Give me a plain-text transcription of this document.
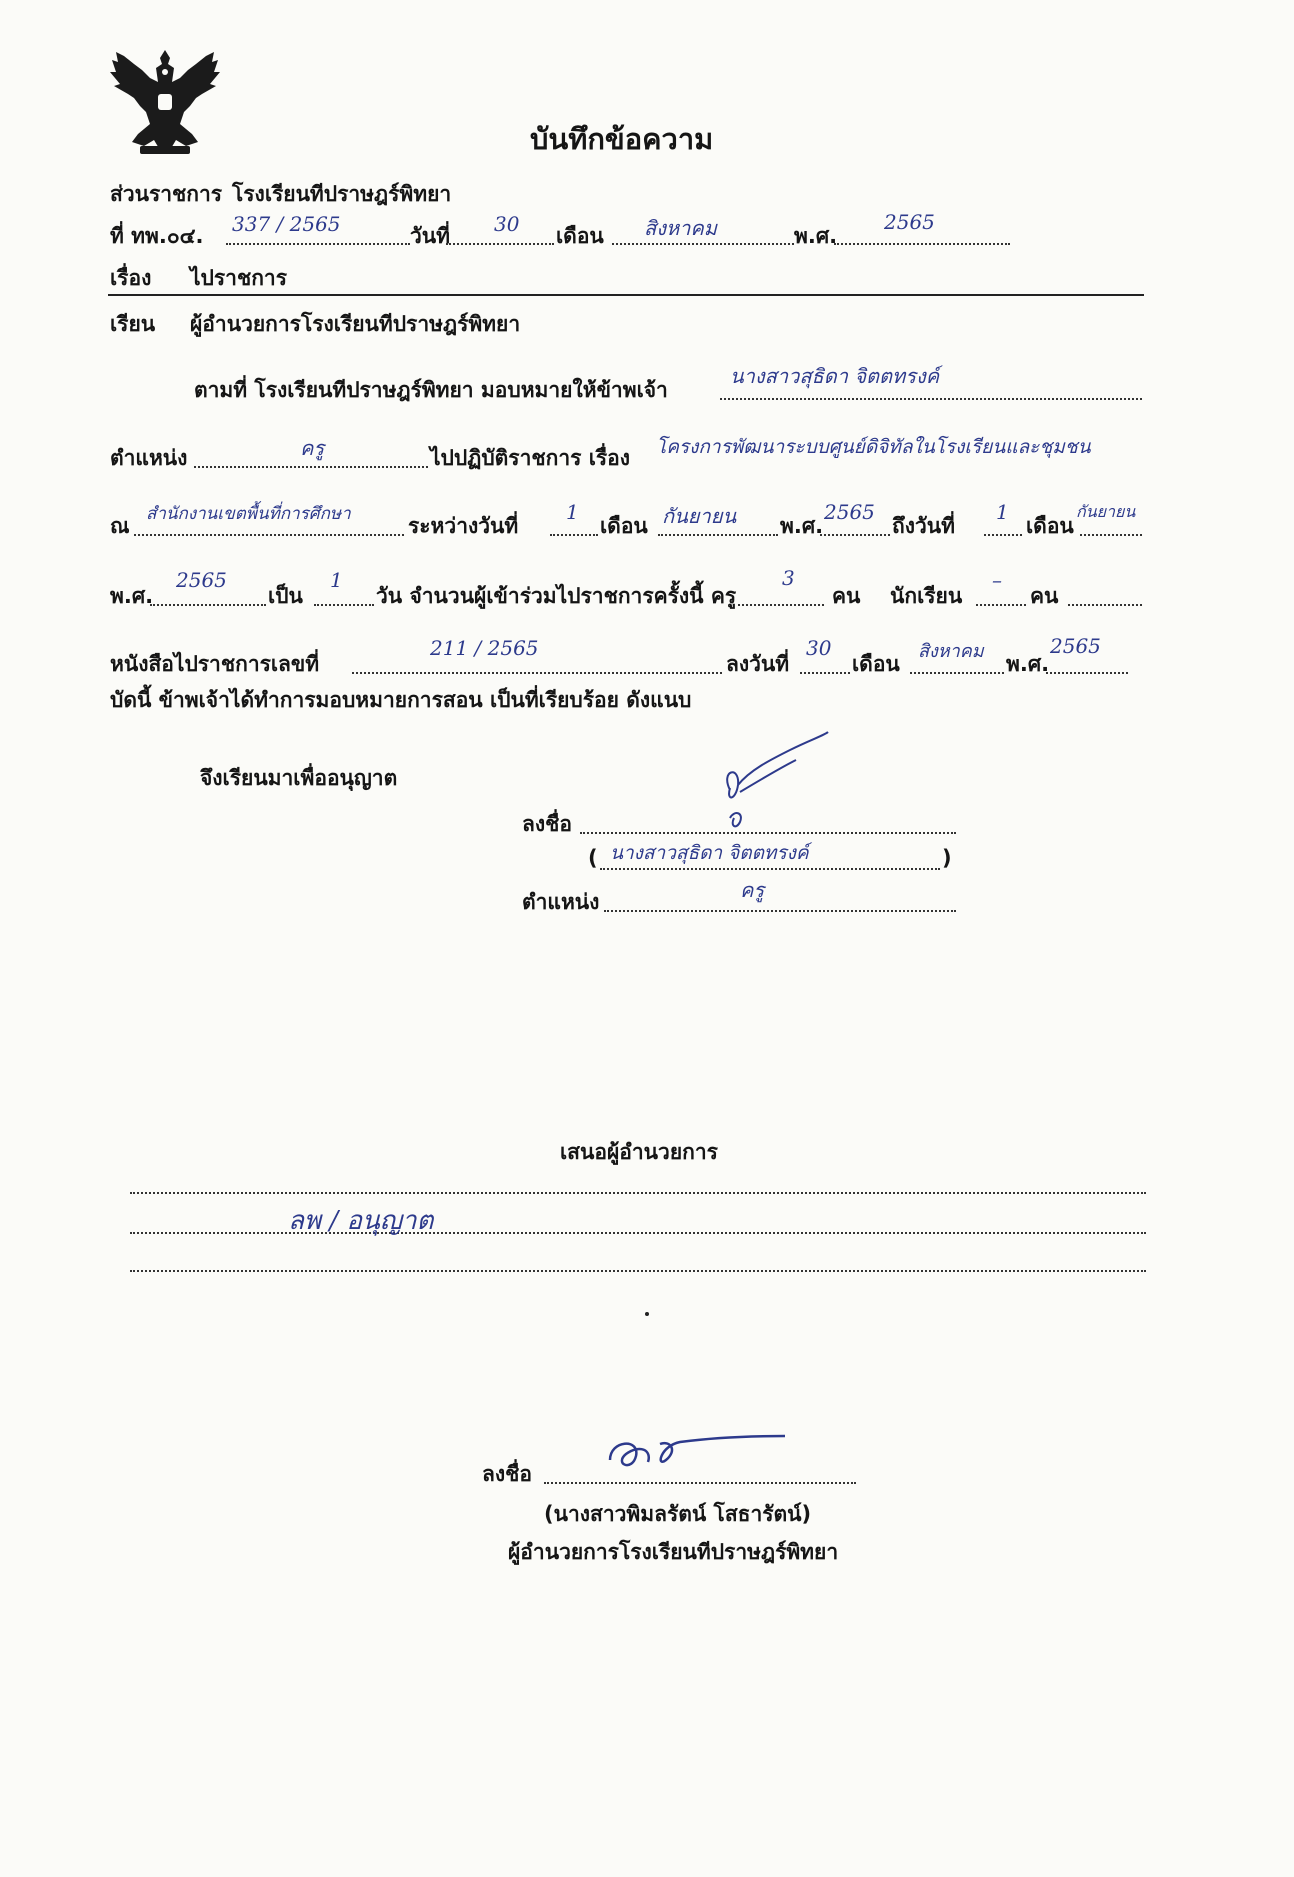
บันทึกข้อความ
ส่วนราชการ โรงเรียนทีปราษฎร์พิทยา
ที่ ทพ.๐๔. 337 / 2565	วันที่ 30 เดือน สิงหาคม	พ.ศ.
2565
เรื่อง ไปราชการ
เรียน ผู้อำนวยการโรงเรียนทีปราษฎร์พิทยา
ตามที่ โรงเรียนทีปราษฎร์พิทยา มอบหมายให้ข้าพเจ้า
นางสาวสุธิดา จิตตทรงค์
ตำแหน่ง	ครู	ไปปฏิบัติราชการ เรื่อง โครงการพัฒนาระบบศูนย์ดิจิทัลในโรงเรียนและชุมชน
ณ สำนักงานเขตพื้นที่การศึกษา	ระหว่างวันที่
1
เดือน กันยายน พ.ศ.
2565
ถึงวันที่
1
เดือน
กันยายน
พ.ศ.
2565
เป็น
1
วัน จำนวนผู้เข้าร่วมไปราชการครั้งนี้ ครู
3
คน นักเรียน
–
คน
หนังสือไปราชการเลขที่
211 / 2565
ลงวันที่
30
เดือน
สิงหาคม
พ.ศ.
2565
บัดนี้ ข้าพเจ้าได้ทำการมอบหมายการสอน เป็นที่เรียบร้อย ดังแนบ
จึงเรียนมาเพื่ออนุญาต
ลงชื่อ
( นางสาวสุธิดา จิตตทรงค์	)
ตำแหน่ง	ครู
เสนอผู้อำนวยการ
ลพ / อนุญาต
ลงชื่อ
(นางสาวพิมลรัตน์ โสธารัตน์)
ผู้อำนวยการโรงเรียนทีปราษฎร์พิทยา
